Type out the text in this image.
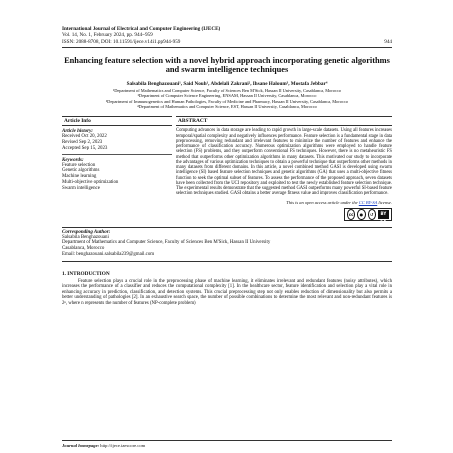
International Journal of Electrical and Computer Engineering (IJECE)
Vol. 14, No. 1, February 2024, pp. 944~959
ISSN: 2088-8708, DOI: 10.11591/ijece.v14i1.pp944-959	944
Enhancing feature selection with a novel hybrid approach incorporating genetic algorithms and swarm intelligence techniques
Salsabila Benghazouani¹, Said Nouh¹, Abdelali Zakrani², Ihsane Haloum³, Mostafa Jebbar⁴
¹Department of Mathematics and Computer Science, Faculty of Sciences Ben M'Sick, Hassan II University, Casablanca, Morocco
²Department of Computer Science Engineering, ENSAM, Hassan II University, Casablanca, Morocco
³Department of Immunogenetics and Human Pathologies, Faculty of Medicine and Pharmacy, Hassan II University, Casablanca, Morocco
⁴Department of Mathematics and Computer Science, EST, Hassan II University, Casablanca, Morocco
Article Info
Article history:
Received Oct 20, 2022
Revised Sep 2, 2023
Accepted Sep 15, 2023
Keywords:
Feature selection
Genetic algorithms
Machine learning
Multi-objective optimization
Swarm intelligence
ABSTRACT
Computing advances in data storage are leading to rapid growth in large-scale datasets. Using all features increases temporal/spatial complexity and negatively influences performance. Feature selection is a fundamental stage in data preprocessing, removing redundant and irrelevant features to minimize the number of features and enhance the performance of classification accuracy. Numerous optimization algorithms were employed to handle feature selection (FS) problems, and they outperform conventional FS techniques. However, there is no metaheuristic FS method that outperforms other optimization algorithms in many datasets. This motivated our study to incorporate the advantages of various optimization techniques to obtain a powerful technique that outperforms other methods in many datasets from different domains. In this article, a novel combined method GASI is developed using swarm intelligence (SI) based feature selection techniques and genetic algorithms (GA) that uses a multi-objective fitness function to seek the optimal subset of features. To assess the performance of the proposed approach, seven datasets have been collected from the UCI repository and exploited to test the newly established feature selection technique. The experimental results demonstrate that the suggested method GASI outperforms many powerful SI-based feature selection techniques studied. GASI obtains a better average fitness value and improves classification performance.
This is an open access article under the CC BY-SA license.
cc	●	↺	BY SA
Corresponding Author:
Salsabila Benghazouani
Department of Mathematics and Computer Science, Faculty of Sciences Ben M'Sick, Hassan II University
Casablanca, Morocco
Email: benghazouani.salsabila239@gmail.com
1. INTRODUCTION
Feature selection plays a crucial role in the preprocessing phase of machine learning, it eliminates irrelevant and redundant features (noisy attributes), which increases the performance of a classifier and reduces the computational complexity [1]. In the healthcare sector, feature identification and selection play a vital role in enhancing accuracy in prediction, classification, and detection systems. This crucial preprocessing step not only enables reduction of dimensionality but also permits a better understanding of pathologies [2]. In an exhaustive search space, the number of possible combinations to determine the most relevant and non-redundant features is 2ⁿ, where n represents the number of features (NP-complete problem)
Journal homepage: http://ijece.iaescore.com
